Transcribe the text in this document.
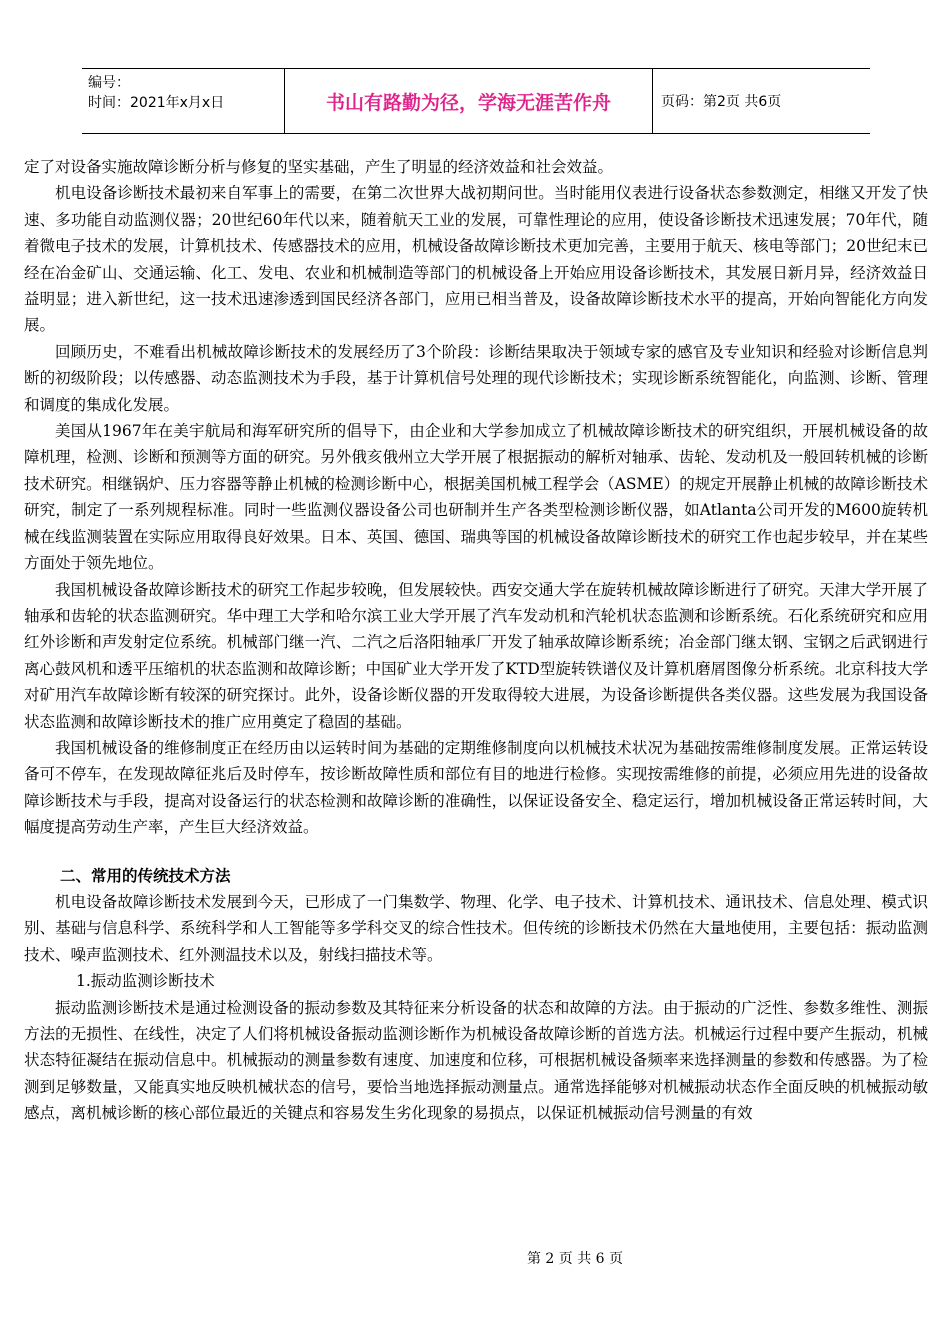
编号：
时间：2021年x月x日	书山有路勤为径，学海无涯苦作舟	页码：第2页 共6页

定了对设备实施故障诊断分析与修复的坚实基础，产生了明显的经济效益和社会效益。

机电设备诊断技术最初来自军事上的需要，在第二次世界大战初期问世。当时能用仪表进行设备状态参数测定，相继又开发了快速、多功能自动监测仪器；20世纪60年代以来，随着航天工业的发展，可靠性理论的应用，使设备诊断技术迅速发展；70年代，随着微电子技术的发展，计算机技术、传感器技术的应用，机械设备故障诊断技术更加完善，主要用于航天、核电等部门；20世纪末已经在冶金矿山、交通运输、化工、发电、农业和机械制造等部门的机械设备上开始应用设备诊断技术，其发展日新月异，经济效益日益明显；进入新世纪，这一技术迅速渗透到国民经济各部门，应用已相当普及，设备故障诊断技术水平的提高，开始向智能化方向发展。

回顾历史，不难看出机械故障诊断技术的发展经历了3个阶段：诊断结果取决于领域专家的感官及专业知识和经验对诊断信息判断的初级阶段；以传感器、动态监测技术为手段，基于计算机信号处理的现代诊断技术；实现诊断系统智能化，向监测、诊断、管理和调度的集成化发展。

美国从1967年在美宇航局和海军研究所的倡导下，由企业和大学参加成立了机械故障诊断技术的研究组织，开展机械设备的故障机理，检测、诊断和预测等方面的研究。另外俄亥俄州立大学开展了根据振动的解析对轴承、齿轮、发动机及一般回转机械的诊断技术研究。相继锅炉、压力容器等静止机械的检测诊断中心，根据美国机械工程学会（ASME）的规定开展静止机械的故障诊断技术研究，制定了一系列规程标准。同时一些监测仪器设备公司也研制并生产各类型检测诊断仪器，如Atlanta公司开发的M600旋转机械在线监测装置在实际应用取得良好效果。日本、英国、德国、瑞典等国的机械设备故障诊断技术的研究工作也起步较早，并在某些方面处于领先地位。

我国机械设备故障诊断技术的研究工作起步较晚，但发展较快。西安交通大学在旋转机械故障诊断进行了研究。天津大学开展了轴承和齿轮的状态监测研究。华中理工大学和哈尔滨工业大学开展了汽车发动机和汽轮机状态监测和诊断系统。石化系统研究和应用红外诊断和声发射定位系统。机械部门继一汽、二汽之后洛阳轴承厂开发了轴承故障诊断系统；冶金部门继太钢、宝钢之后武钢进行离心鼓风机和透平压缩机的状态监测和故障诊断；中国矿业大学开发了KTD型旋转铁谱仪及计算机磨屑图像分析系统。北京科技大学对矿用汽车故障诊断有较深的研究探讨。此外，设备诊断仪器的开发取得较大进展，为设备诊断提供各类仪器。这些发展为我国设备状态监测和故障诊断技术的推广应用奠定了稳固的基础。

我国机械设备的维修制度正在经历由以运转时间为基础的定期维修制度向以机械技术状况为基础按需维修制度发展。正常运转设备可不停车，在发现故障征兆后及时停车，按诊断故障性质和部位有目的地进行检修。实现按需维修的前提，必须应用先进的设备故障诊断技术与手段，提高对设备运行的状态检测和故障诊断的准确性，以保证设备安全、稳定运行，增加机械设备正常运转时间，大幅度提高劳动生产率，产生巨大经济效益。

二、常用的传统技术方法

机电设备故障诊断技术发展到今天，已形成了一门集数学、物理、化学、电子技术、计算机技术、通讯技术、信息处理、模式识别、基础与信息科学、系统科学和人工智能等多学科交叉的综合性技术。但传统的诊断技术仍然在大量地使用，主要包括：振动监测技术、噪声监测技术、红外测温技术以及，射线扫描技术等。

1.振动监测诊断技术

振动监测诊断技术是通过检测设备的振动参数及其特征来分析设备的状态和故障的方法。由于振动的广泛性、参数多维性、测振方法的无损性、在线性，决定了人们将机械设备振动监测诊断作为机械设备故障诊断的首选方法。机械运行过程中要产生振动，机械状态特征凝结在振动信息中。机械振动的测量参数有速度、加速度和位移，可根据机械设备频率来选择测量的参数和传感器。为了检测到足够数量，又能真实地反映机械状态的信号，要恰当地选择振动测量点。通常选择能够对机械振动状态作全面反映的机械振动敏感点，离机械诊断的核心部位最近的关键点和容易发生劣化现象的易损点，以保证机械振动信号测量的有效

第 2 页 共 6 页
